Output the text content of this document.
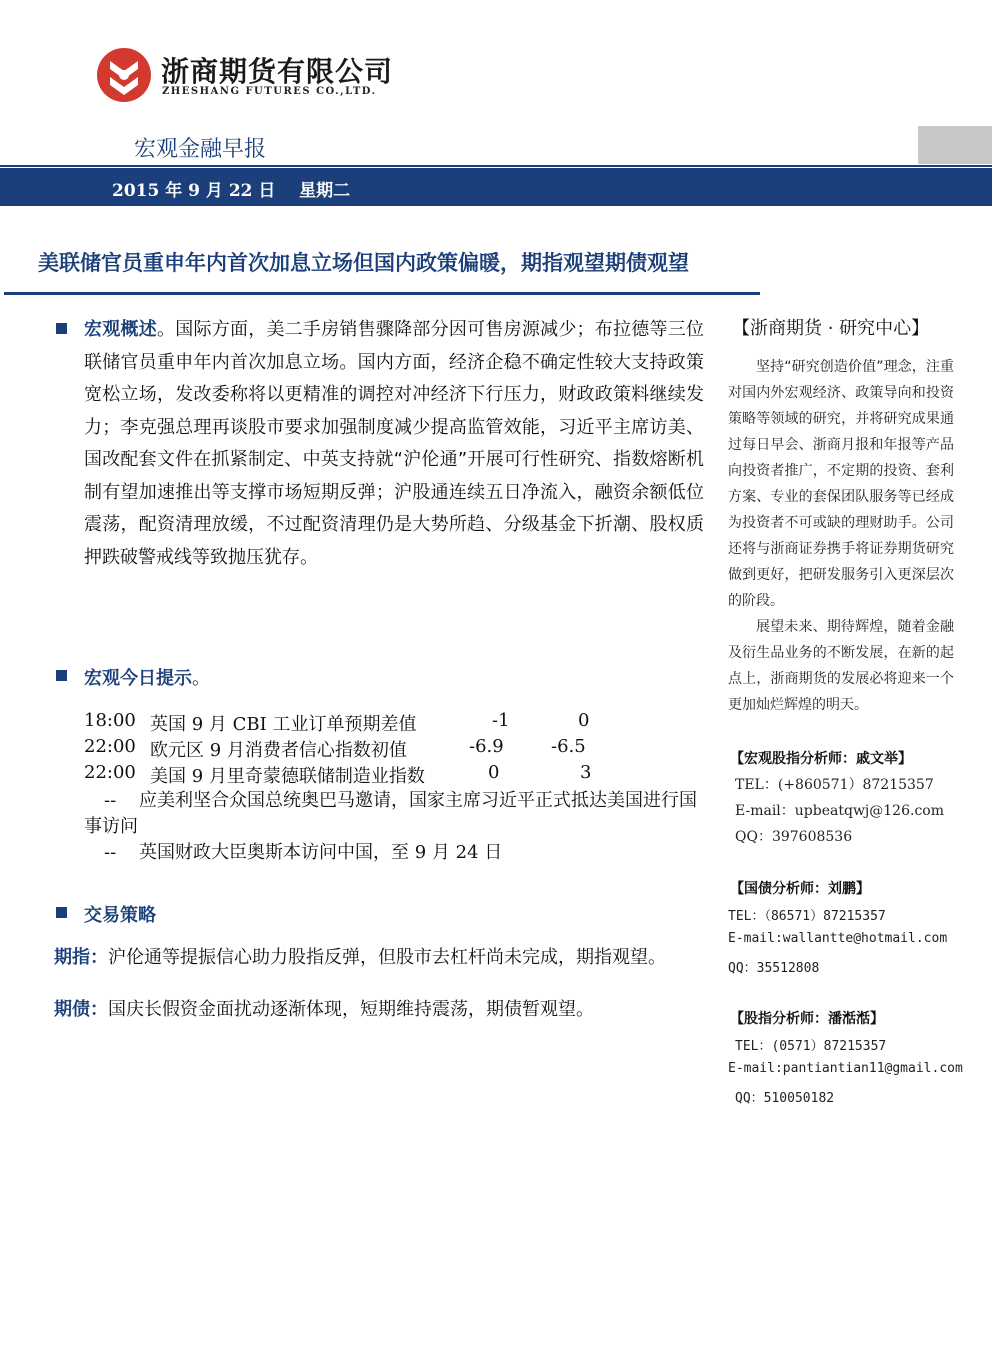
浙商期货有限公司
ZHESHANG FUTURES CO.,LTD.
宏观金融早报
2015 年 9 月 22 日    星期二
美联储官员重申年内首次加息立场但国内政策偏暖，期指观望期债观望
宏观概述。国际方面，美二手房销售骤降部分因可售房源减少；布拉德等三位联储官员重申年内首次加息立场。国内方面，经济企稳不确定性较大支持政策宽松立场，发改委称将以更精准的调控对冲经济下行压力，财政政策料继续发力；李克强总理再谈股市要求加强制度减少提高监管效能，习近平主席访美、国改配套文件在抓紧制定、中英支持就“沪伦通”开展可行性研究、指数熔断机制有望加速推出等支撑市场短期反弹；沪股通连续五日净流入，融资余额低位震荡，配资清理放缓，不过配资清理仍是大势所趋、分级基金下折潮、股权质押跌破警戒线等致抛压犹存。
宏观今日提示。
18:00 英国 9 月 CBI 工业订单预期差值	-1	0
22:00 欧元区 9 月消费者信心指数初值	-6.9	-6.5
22:00 美国 9 月里奇蒙德联储制造业指数	0	3
--    应美利坚合众国总统奥巴马邀请，国家主席习近平正式抵达美国进行国事访问
--    英国财政大臣奥斯本访问中国，至 9 月 24 日
交易策略
期指：沪伦通等提振信心助力股指反弹，但股市去杠杆尚未完成，期指观望。
期债：国庆长假资金面扰动逐渐体现，短期维持震荡，期债暂观望。
【浙商期货 · 研究中心】
坚持“研究创造价值”理念，注重对国内外宏观经济、政策导向和投资策略等领域的研究，并将研究成果通过每日早会、浙商月报和年报等产品向投资者推广，不定期的投资、套利方案、专业的套保团队服务等已经成为投资者不可或缺的理财助手。公司还将与浙商证券携手将证券期货研究做到更好，把研发服务引入更深层次的阶段。
展望未来、期待辉煌，随着金融及衍生品业务的不断发展，在新的起点上，浙商期货的发展必将迎来一个更加灿烂辉煌的明天。
【宏观股指分析师：戚文举】
TEL：(+860571）87215357
E-mail：upbeatqwj@126.com
QQ：397608536
【国债分析师：刘鹏】
TEL：（86571）87215357
E-mail:wallantte@hotmail.com
QQ：35512808
【股指分析师：潘湉湉】
TEL：(0571）87215357
E-mail:pantiantian11@gmail.com
QQ：510050182
